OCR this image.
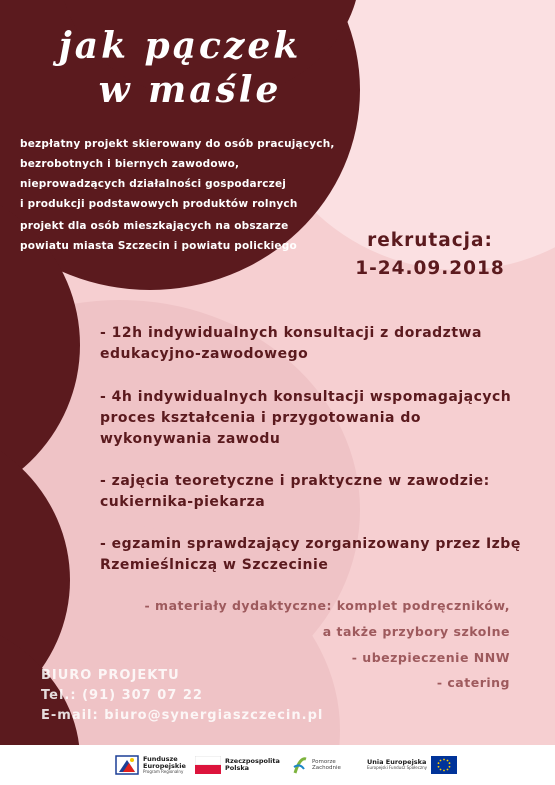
jak pączek
w maśle
bezpłatny projekt skierowany do osób pracujących,
bezrobotnych i biernych zawodowo,
nieprowadzących działalności gospodarczej
i produkcji podstawowych produktów rolnych
projekt dla osób mieszkających na obszarze
powiatu miasta Szczecin i powiatu polickiego	rekrutacja:
1-24.09.2018
- 12h indywidualnych konsultacji z doradztwa
edukacyjno-zawodowego
- 4h indywidualnych konsultacji wspomagających
proces kształcenia i przygotowania do
wykonywania zawodu
- zajęcia teoretyczne i praktyczne w zawodzie:
cukiernika-piekarza
- egzamin sprawdzający zorganizowany przez Izbę
Rzemieślniczą w Szczecinie
- materiały dydaktyczne: komplet podręczników,
a także przybory szkolne
- ubezpieczenie NNW
- catering
BIURO PROJEKTU
Tel.: (91) 307 07 22
E-mail: biuro@synergiaszczecin.pl
Fundusze
Europejskie
Program Regionalny
Rzeczpospolita
Polska
Pomorze
Zachodnie
Unia Europejska
Europejski Fundusz Społeczny
